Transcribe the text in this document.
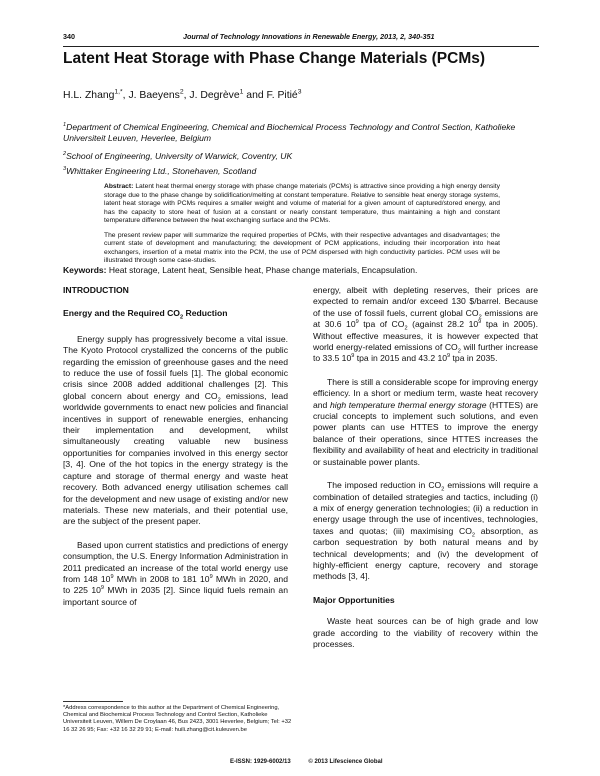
340	Journal of Technology Innovations in Renewable Energy, 2013, 2, 340-351
Latent Heat Storage with Phase Change Materials (PCMs)
H.L. Zhang$^{1,*}$, J. Baeyens$^2$, J. Degrève$^1$ and F. Pitié$^3$
$^1$Department of Chemical Engineering, Chemical and Biochemical Process Technology and Control Section, Katholieke Universiteit Leuven, Heverlee, Belgium
$^2$School of Engineering, University of Warwick, Coventry, UK
$^3$Whittaker Engineering Ltd., Stonehaven, Scotland

Abstract: Latent heat thermal energy storage with phase change materials (PCMs) is attractive since providing a high energy density storage due to the phase change by solidification/melting at constant temperature. Relative to sensible heat energy storage systems, latent heat storage with PCMs requires a smaller weight and volume of material for a given amount of captured/stored energy, and has the capacity to store heat of fusion at a constant or nearly constant temperature, thus maintaining a high and constant temperature difference between the heat exchanging surface and the PCMs.

The present review paper will summarize the required properties of PCMs, with their respective advantages and disadvantages; the current state of development and manufacturing; the development of PCM applications, including their incorporation into heat exchangers, insertion of a metal matrix into the PCM, the use of PCM dispersed with high conductivity particles. PCM uses will be illustrated through some case-studies.

Keywords: Heat storage, Latent heat, Sensible heat, Phase change materials, Encapsulation.
INTRODUCTION
Energy and the Required $CO_2$ Reduction

Energy supply has progressively become a vital issue. The Kyoto Protocol crystallized the concerns of the public regarding the emission of greenhouse gases and the need to reduce the use of fossil fuels [1]. The global economic crisis since 2008 added additional challenges [2]. This global concern about energy and $CO_2$ emissions, lead worldwide governments to enact new policies and financial incentives in support of renewable energies, enhancing their implementation and development, whilst simultaneously creating valuable new business opportunities for companies involved in this energy sector [3, 4]. One of the hot topics in the energy strategy is the capture and storage of thermal energy and waste heat recovery. Both advanced energy utilisation schemes call for the development and new usage of existing and/or new materials. These new materials, and their potential use, are the subject of the present paper.

Based upon current statistics and predictions of energy consumption, the U.S. Energy Information Administration in 2011 predicated an increase of the total world energy use from 148 $10^9$ MWh in 2008 to 181 $10^9$ MWh in 2020, and to 225 $10^9$ MWh in 2035 [2]. Since liquid fuels remain an important source of

energy, albeit with depleting reserves, their prices are expected to remain and/or exceed 130 $/barrel. Because of the use of fossil fuels, current global $CO_2$ emissions are at 30.6 $10^9$ tpa of $CO_2$ (against 28.2 $10^9$ tpa in 2005). Without effective measures, it is however expected that world energy-related emissions of $CO_2$ will further increase to 33.5 $10^9$ tpa in 2015 and 43.2 $10^9$ tpa in 2035.

There is still a considerable scope for improving energy efficiency. In a short or medium term, waste heat recovery and high temperature thermal energy storage (HTTES) are crucial concepts to implement such solutions, and even power plants can use HTTES to improve the energy balance of their operations, since HTTES increases the flexibility and availability of heat and electricity in traditional or sustainable power plants.

The imposed reduction in $CO_2$ emissions will require a combination of detailed strategies and tactics, including (i) a mix of energy generation technologies; (ii) a reduction in energy usage through the use of incentives, technologies, taxes and quotas; (iii) maximising $CO_2$ absorption, as carbon sequestration by both natural means and by technical developments; and (iv) the development of highly-efficient energy capture, recovery and storage methods [3, 4].

Major Opportunities

Waste heat sources can be of high grade and low grade according to the viability of recovery within the processes.

*Address correspondence to this author at the Department of Chemical Engineering, Chemical and Biochemical Process Technology and Control Section, Katholieke Universiteit Leuven, Willem De Croylaan 46, Bus 2423, 3001 Heverlee, Belgium; Tel: +32 16 32 26 95; Fax: +32 16 32 29 91; E-mail: huili.zhang@cit.kuleuven.be
E-ISSN: 1929-6002/13	© 2013 Lifescience Global
